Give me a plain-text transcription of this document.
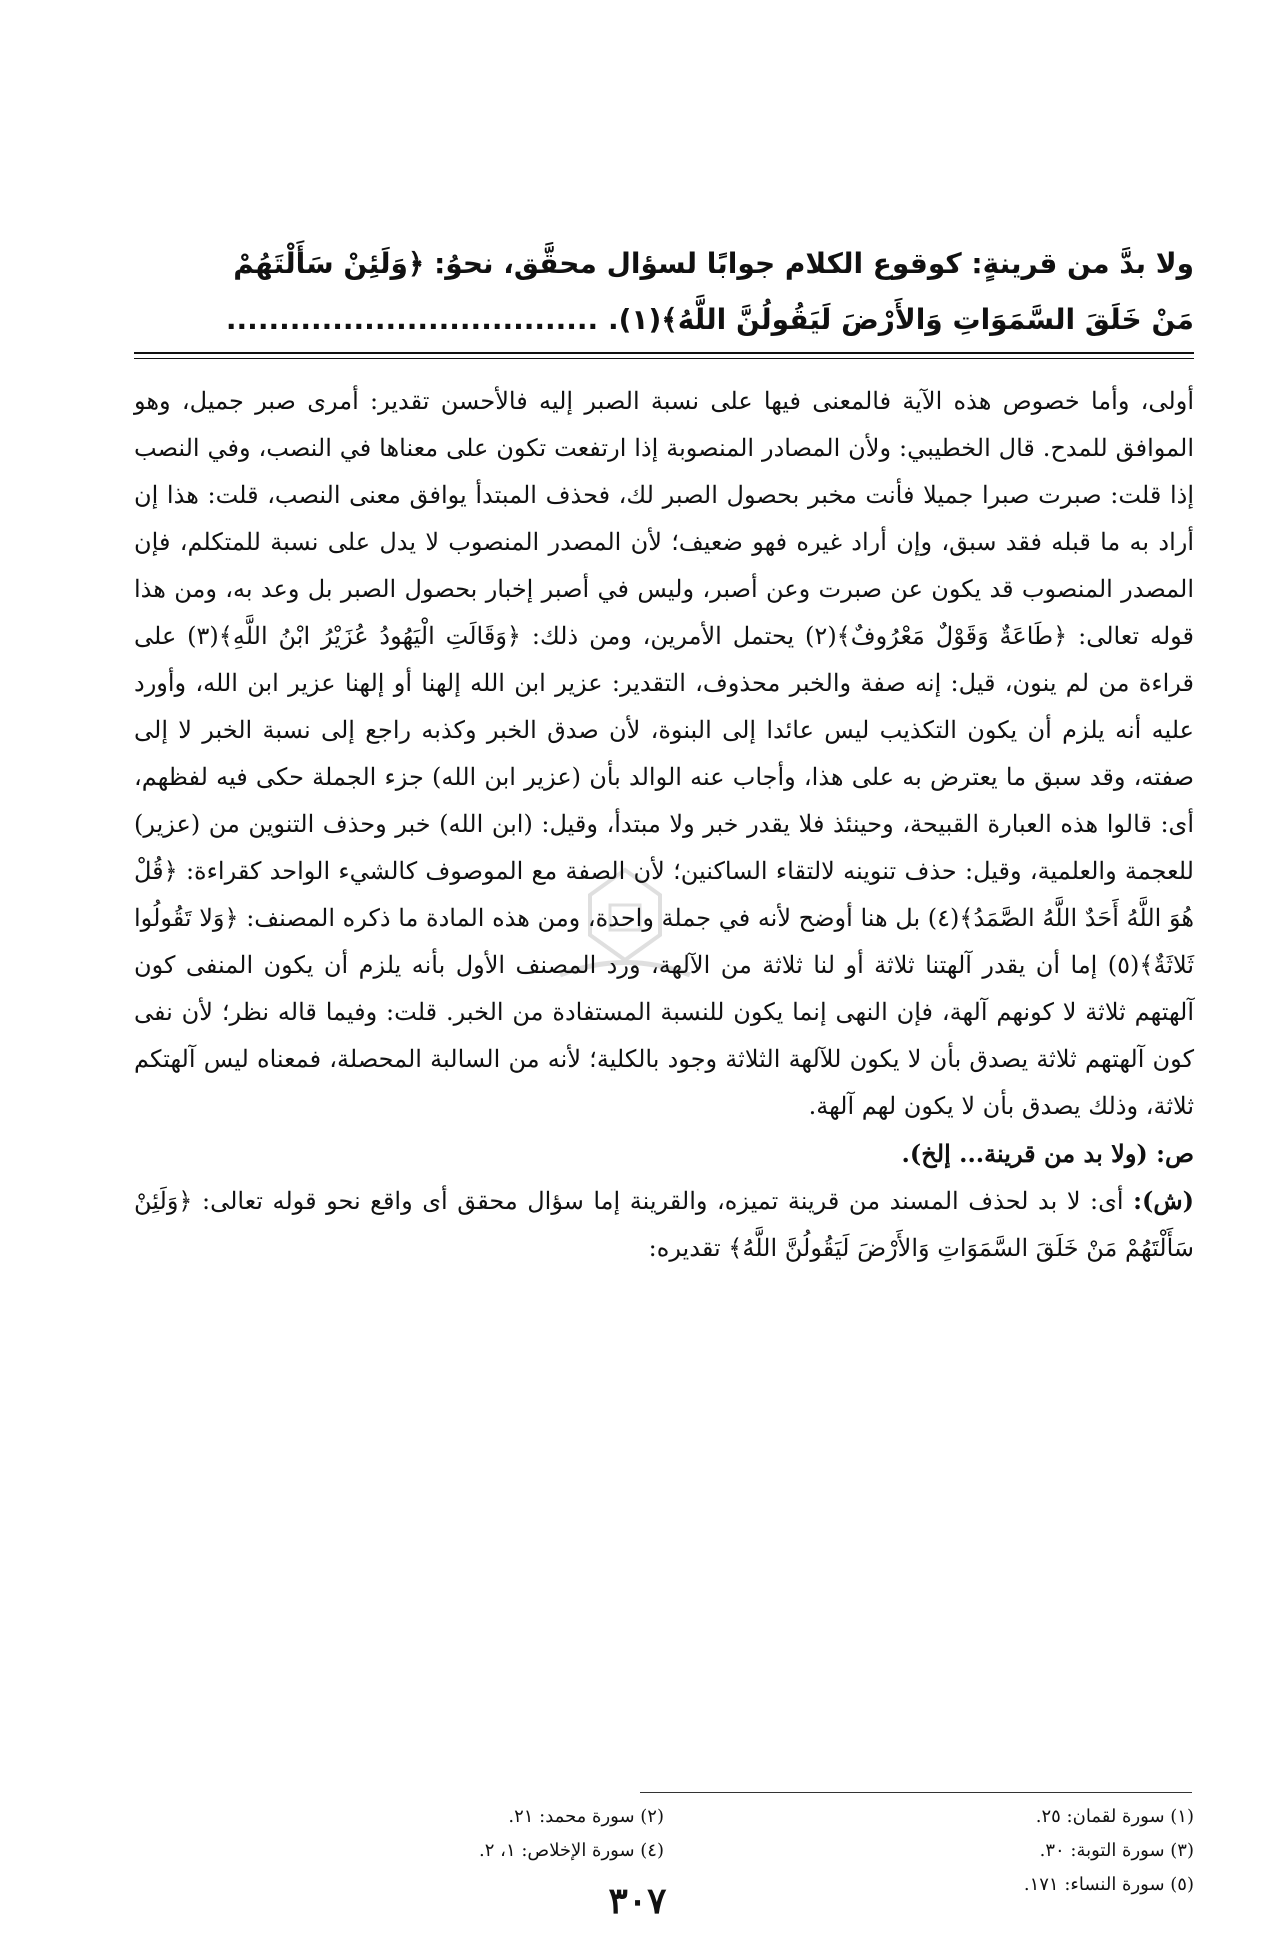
ولا بدَّ من قرينةٍ: كوقوع الكلام جوابًا لسؤال محقَّق، نحوُ: ﴿وَلَئِنْ سَأَلْتَهُمْ
مَنْ خَلَقَ السَّمَوَاتِ وَالأَرْضَ لَيَقُولُنَّ اللَّهُ﴾(١). ...................................

أولى، وأما خصوص هذه الآية فالمعنى فيها على نسبة الصبر إليه فالأحسن تقدير: أمرى صبر جميل، وهو الموافق للمدح. قال الخطيبي: ولأن المصادر المنصوبة إذا ارتفعت تكون على معناها في النصب، وفي النصب إذا قلت: صبرت صبرا جميلا فأنت مخبر بحصول الصبر لك، فحذف المبتدأ يوافق معنى النصب، قلت: هذا إن أراد به ما قبله فقد سبق، وإن أراد غيره فهو ضعيف؛ لأن المصدر المنصوب لا يدل على نسبة للمتكلم، فإن المصدر المنصوب قد يكون عن صبرت وعن أصبر، وليس في أصبر إخبار بحصول الصبر بل وعد به، ومن هذا قوله تعالى: ﴿طَاعَةٌ وَقَوْلٌ مَعْرُوفٌ﴾(٢) يحتمل الأمرين، ومن ذلك: ﴿وَقَالَتِ الْيَهُودُ عُزَيْرُ ابْنُ اللَّهِ﴾(٣) على قراءة من لم ينون، قيل: إنه صفة والخبر محذوف، التقدير: عزير ابن الله إلهنا أو إلهنا عزير ابن الله، وأورد عليه أنه يلزم أن يكون التكذيب ليس عائدا إلى البنوة، لأن صدق الخبر وكذبه راجع إلى نسبة الخبر لا إلى صفته، وقد سبق ما يعترض به على هذا، وأجاب عنه الوالد بأن (عزير ابن الله) جزء الجملة حكى فيه لفظهم، أى: قالوا هذه العبارة القبيحة، وحينئذ فلا يقدر خبر ولا مبتدأ، وقيل: (ابن الله) خبر وحذف التنوين من (عزير) للعجمة والعلمية، وقيل: حذف تنوينه لالتقاء الساكنين؛ لأن الصفة مع الموصوف كالشيء الواحد كقراءة: ﴿قُلْ هُوَ اللَّهُ أَحَدٌ اللَّهُ الصَّمَدُ﴾(٤) بل هنا أوضح لأنه في جملة واحدة، ومن هذه المادة ما ذكره المصنف: ﴿وَلا تَقُولُوا ثَلاثَةٌ﴾(٥) إما أن يقدر آلهتنا ثلاثة أو لنا ثلاثة من الآلهة، ورد المصنف الأول بأنه يلزم أن يكون المنفى كون آلهتهم ثلاثة لا كونهم آلهة، فإن النهى إنما يكون للنسبة المستفادة من الخبر. قلت: وفيما قاله نظر؛ لأن نفى كون آلهتهم ثلاثة يصدق بأن لا يكون للآلهة الثلاثة وجود بالكلية؛ لأنه من السالبة المحصلة، فمعناه ليس آلهتكم ثلاثة، وذلك يصدق بأن لا يكون لهم آلهة.

ص: (ولا بد من قرينة... إلخ).

(ش): أى: لا بد لحذف المسند من قرينة تميزه، والقرينة إما سؤال محقق أى واقع نحو قوله تعالى: ﴿وَلَئِنْ سَأَلْتَهُمْ مَنْ خَلَقَ السَّمَوَاتِ وَالأَرْضَ لَيَقُولُنَّ اللَّهُ﴾ تقديره:

(١) سورة لقمان: ٢٥.
(٢) سورة محمد: ٢١.
(٣) سورة التوبة: ٣٠.
(٤) سورة الإخلاص: ١، ٢.
(٥) سورة النساء: ١٧١.
٣٠٧
